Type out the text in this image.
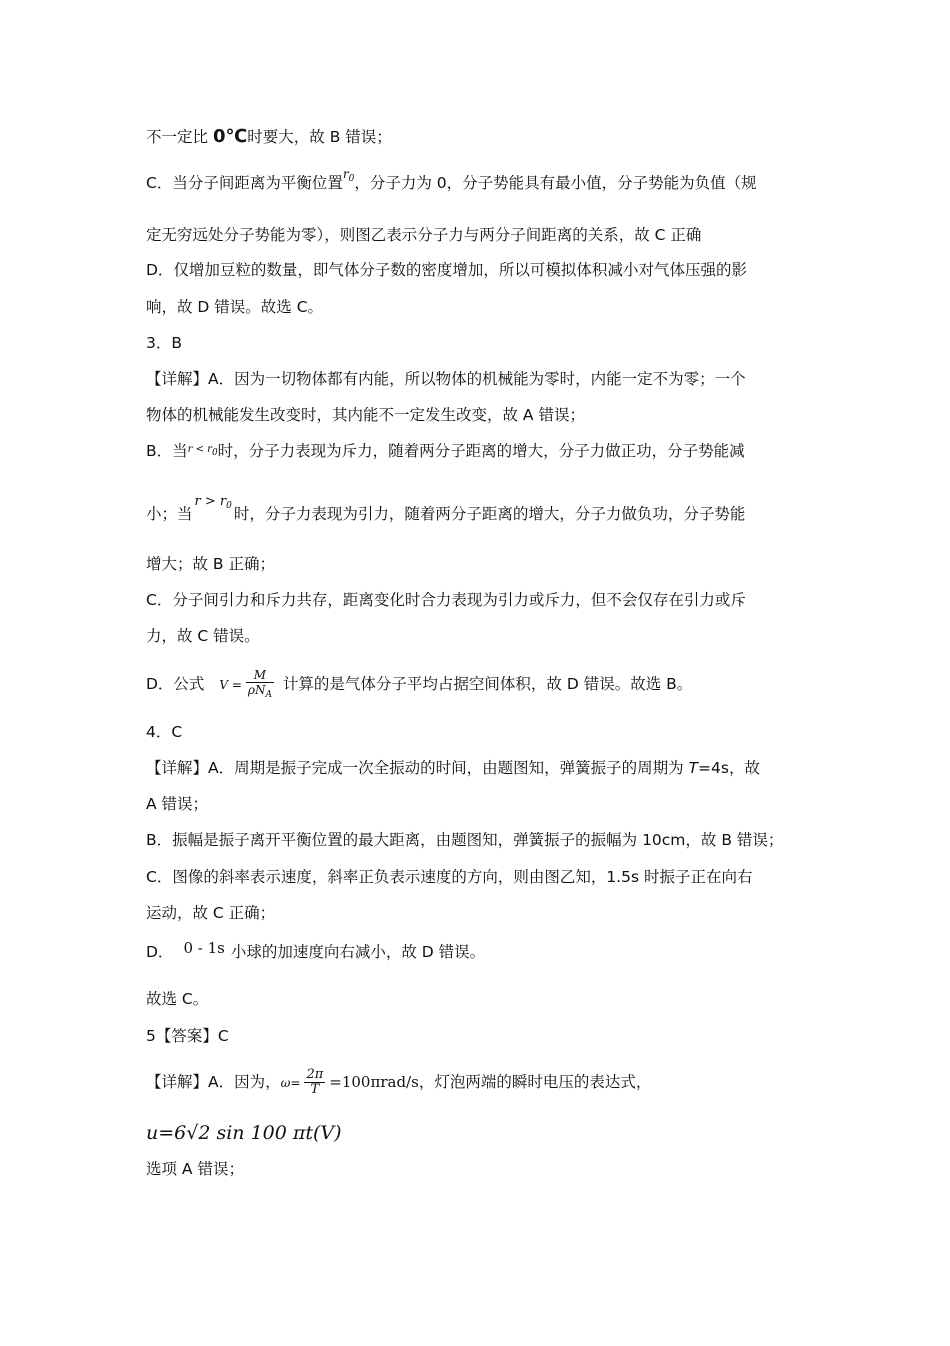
不一定比 0℃时要大，故 B 错误；
C．当分子间距离为平衡位置$^{r_0}$，分子力为 0，分子势能具有最小值，分子势能为负值（规
定无穷远处分子势能为零），则图乙表示分子力与两分子间距离的关系，故 C 正确
D．仅增加豆粒的数量，即气体分子数的密度增加，所以可模拟体积减小对气体压强的影
响，故 D 错误。故选 C。
3．B
【详解】A．因为一切物体都有内能，所以物体的机械能为零时，内能一定不为零；一个
物体的机械能发生改变时，其内能不一定发生改变，故 A 错误；
B．当$^{r < r0}$时，分子力表现为斥力，随着两分子距离的增大，分子力做正功，分子势能减
小；当$^{r > r_0}$ 时，分子力表现为引力，随着两分子距离的增大，分子力做负功，分子势能
增大；故 B 正确；
C．分子间引力和斥力共存，距离变化时合力表现为引力或斥力，但不会仅存在引力或斥
力，故 C 错误。
D．公式 $V = \frac{M}{\rho N_A}$ 计算的是气体分子平均占据空间体积，故 D 错误。故选 B。
4．C
【详解】A．周期是振子完成一次全振动的时间，由题图知，弹簧振子的周期为 T=4s，故
A 错误；
B．振幅是振子离开平衡位置的最大距离，由题图知，弹簧振子的振幅为 10cm，故 B 错误；
C．图像的斜率表示速度，斜率正负表示速度的方向，则由图乙知，1.5s 时振子正在向右
运动，故 C 正确；
D． 0 - 1s 小球的加速度向右减小，故 D 错误。
故选 C。
5【答案】C
【详解】A．因为，$\omega= \frac{2\pi}{T} =100\pi rad/s$，灯泡两端的瞬时电压的表达式，
u=6√2 sin 100 πt(V)
选项 A 错误；
